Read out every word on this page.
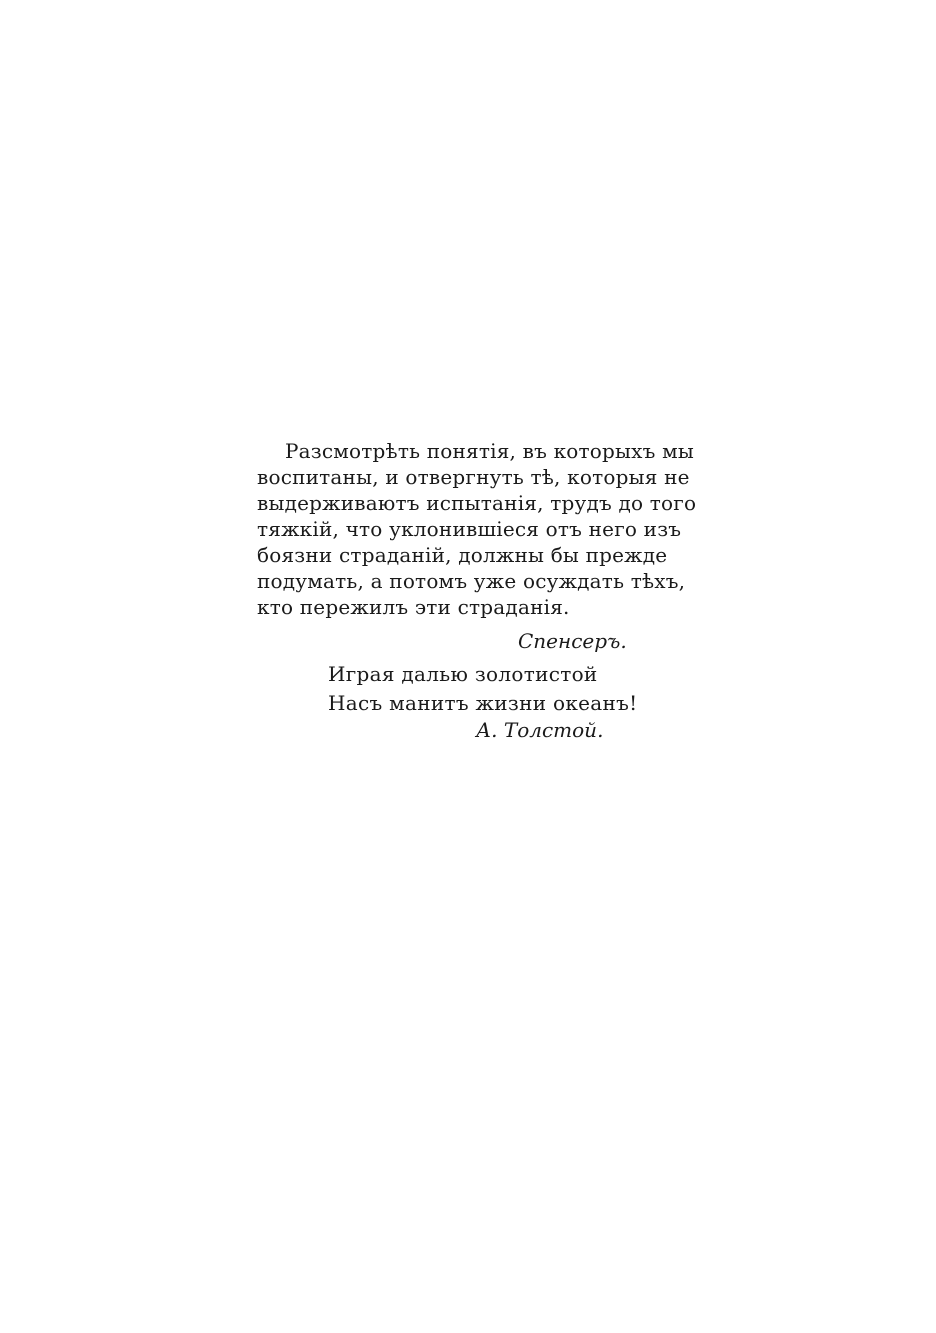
Разсмотрѣть понятія, въ которыхъ мы
воспитаны, и отвергнуть тѣ, которыя не
выдерживаютъ испытанія, трудъ до того
тяжкій, что уклонившіеся отъ него изъ
боязни страданій, должны бы прежде
подумать, а потомъ уже осуждать тѣхъ,
кто пережилъ эти страданія.
Спенсеръ.
Играя далью золотистой
Насъ манитъ жизни океанъ!
А. Толстой.
